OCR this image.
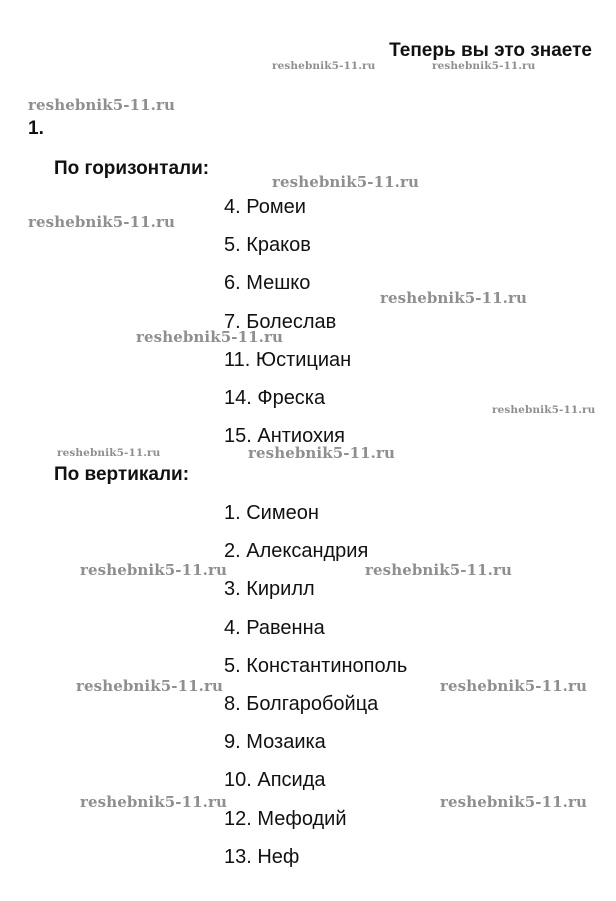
Теперь вы это знаете
1.
По горизонтали:
4. Ромеи
5. Краков
6. Мешко
7. Болеслав
11. Юстициан
14. Фреска
15. Антиохия
По вертикали:
1. Симеон
2. Александрия
3. Кирилл
4. Равенна
5. Константинополь
8. Болгаробойца
9. Мозаика
10. Апсида
12. Мефодий
13. Неф
reshebnik5-11.ru	reshebnik5-11.ru
reshebnik5-11.ru
reshebnik5-11.ru
reshebnik5-11.ru
reshebnik5-11.ru
reshebnik5-11.ru
reshebnik5-11.ru
reshebnik5-11.ru	reshebnik5-11.ru
reshebnik5-11.ru	reshebnik5-11.ru
reshebnik5-11.ru	reshebnik5-11.ru
reshebnik5-11.ru	reshebnik5-11.ru
